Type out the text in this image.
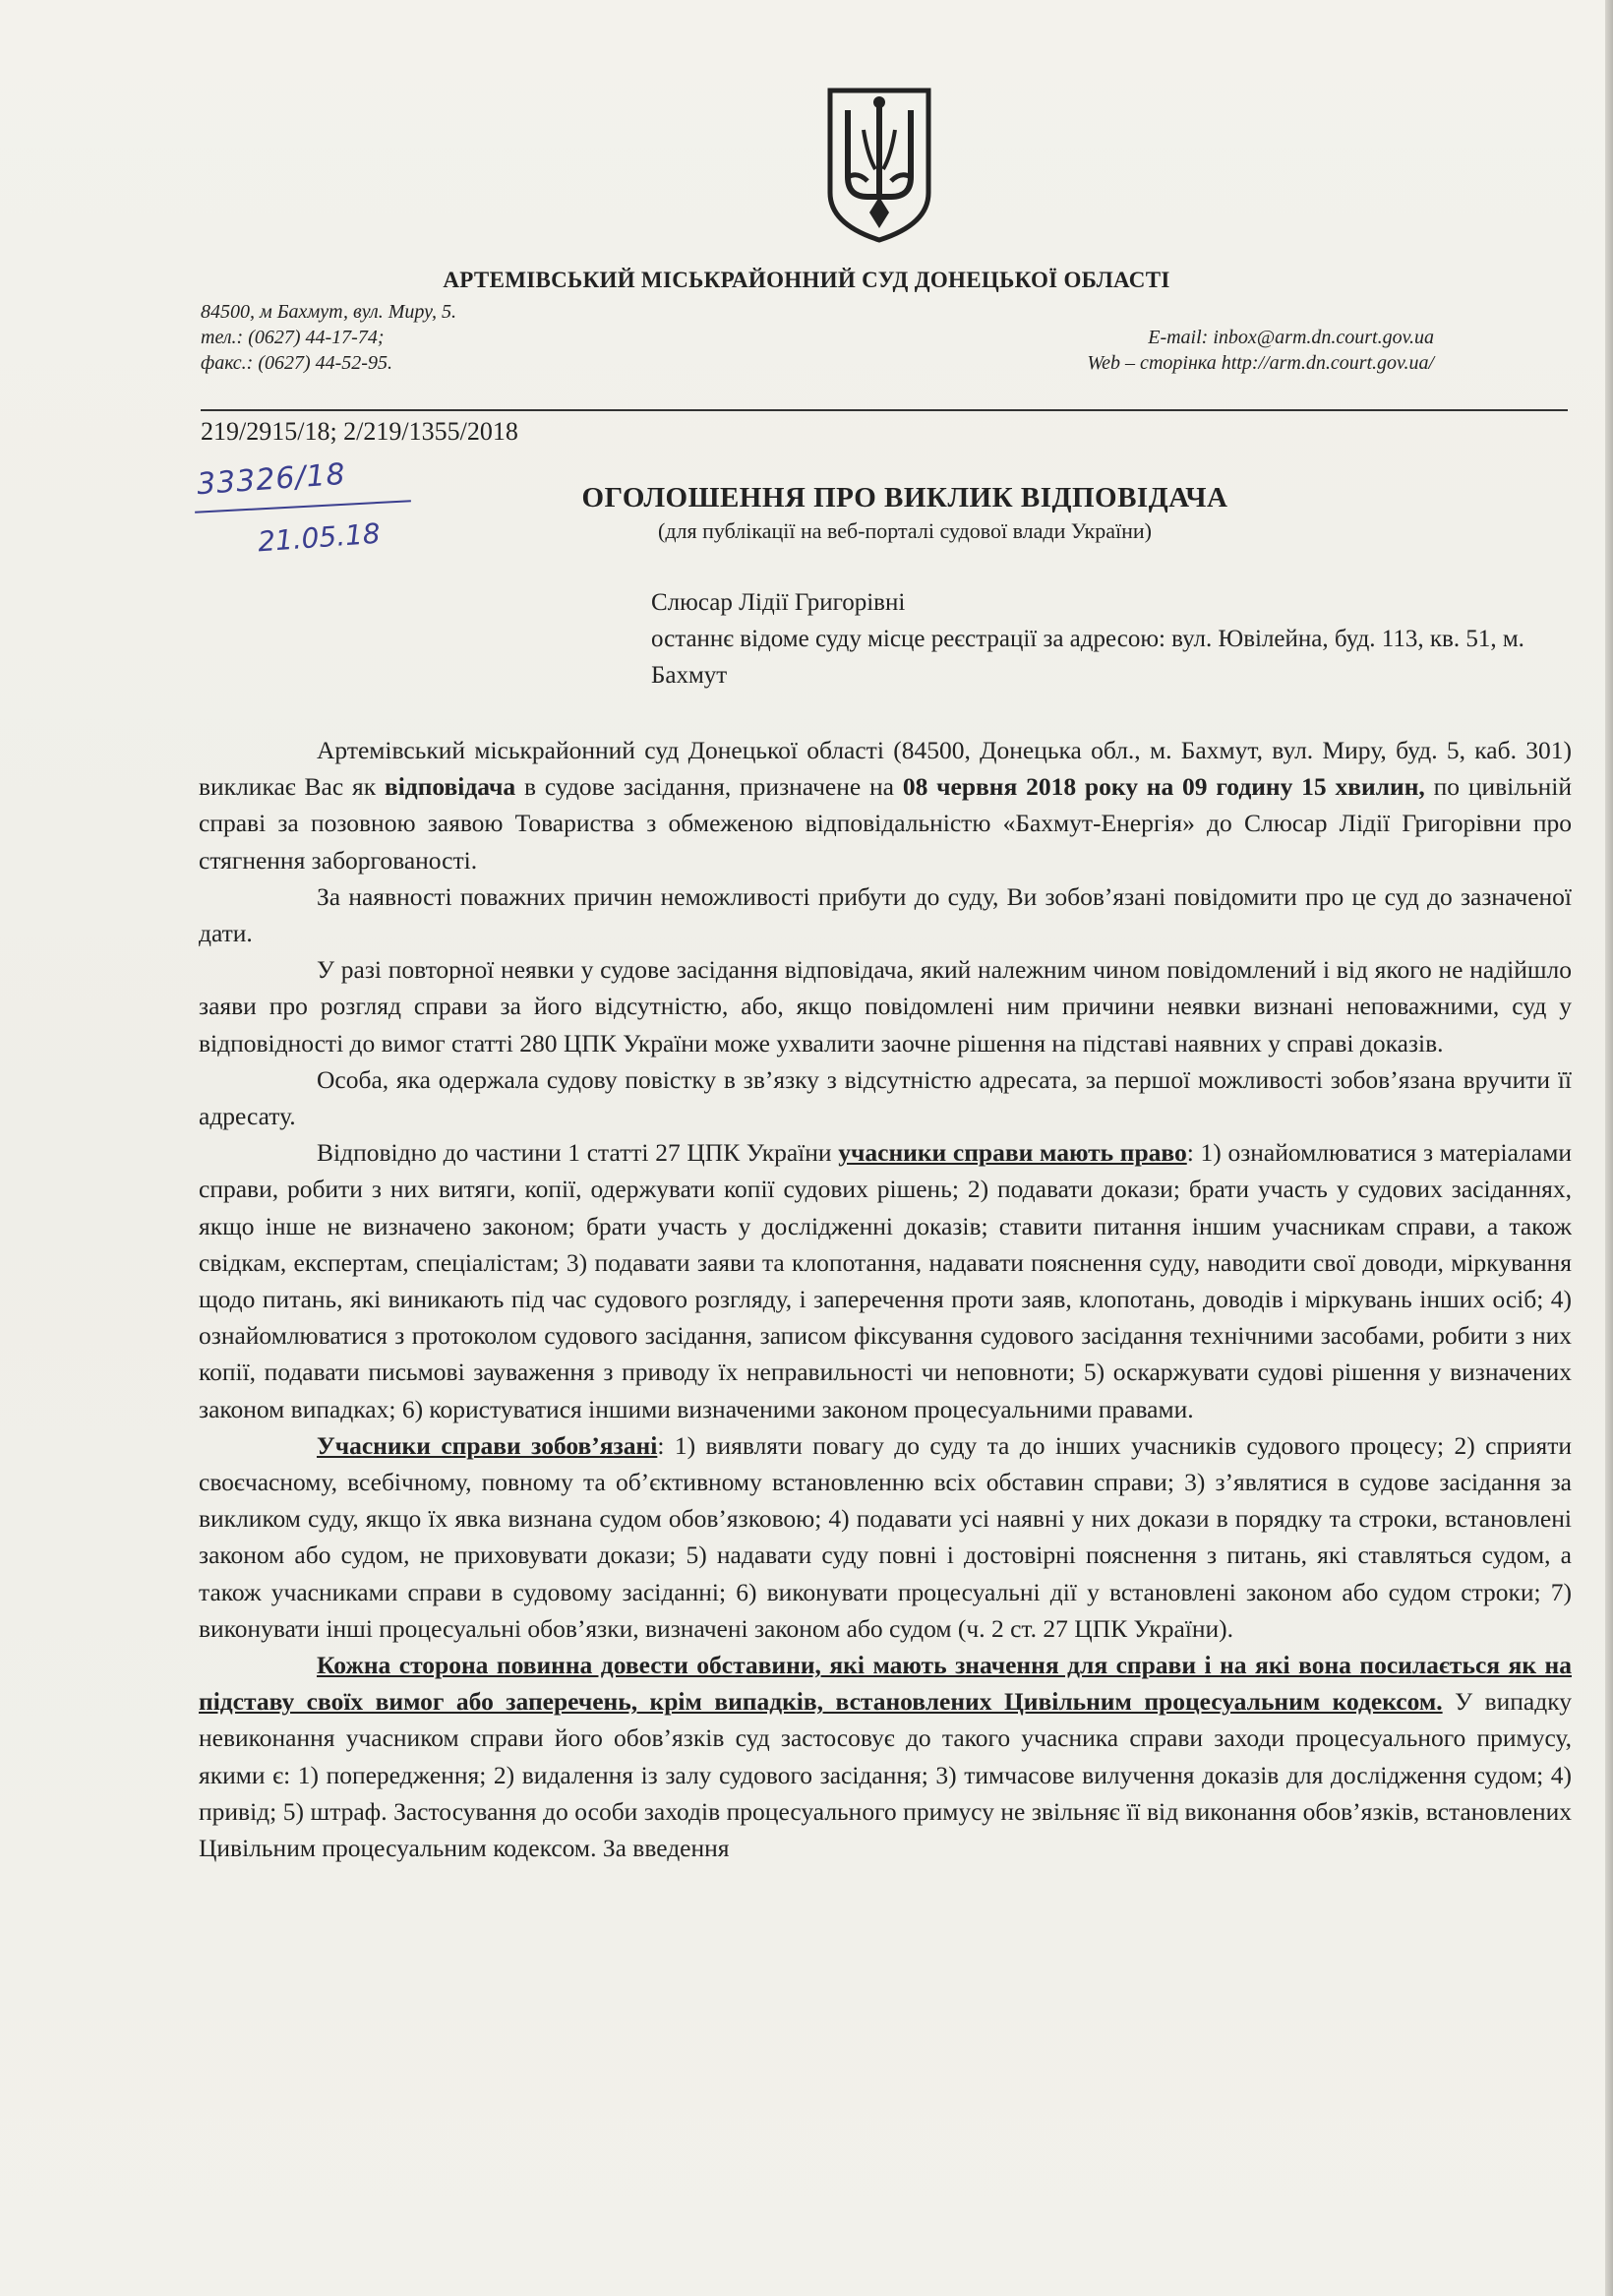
АРТЕМІВСЬКИЙ МІСЬКРАЙОННИЙ СУД ДОНЕЦЬКОЇ ОБЛАСТІ
84500, м Бахмут, вул. Миру, 5.
тел.: (0627) 44-17-74;
факс.: (0627) 44-52-95.
E-mail: inbox@arm.dn.court.gov.ua
Web – сторінка http://arm.dn.court.gov.ua/
219/2915/18; 2/219/1355/2018
33326/18
21.05.18
ОГОЛОШЕННЯ ПРО ВИКЛИК ВІДПОВІДАЧА
(для публікації на веб-порталі судової влади України)
Слюсар Лідії Григорівні
останнє відоме суду місце реєстрації за адресою: вул. Ювілейна, буд. 113, кв. 51, м. Бахмут

Артемівський міськрайонний суд Донецької області (84500, Донецька обл., м. Бахмут, вул. Миру, буд. 5, каб. 301) викликає Вас як відповідача в судове засідання, призначене на 08 червня 2018 року на 09 годину 15 хвилин, по цивільній справі за позовною заявою Товариства з обмеженою відповідальністю «Бахмут-Енергія» до Слюсар Лідії Григорівни про стягнення заборгованості.

За наявності поважних причин неможливості прибути до суду, Ви зобов’язані повідомити про це суд до зазначеної дати.

У разі повторної неявки у судове засідання відповідача, який належним чином повідомлений і від якого не надійшло заяви про розгляд справи за його відсутністю, або, якщо повідомлені ним причини неявки визнані неповажними, суд у відповідності до вимог статті 280 ЦПК України може ухвалити заочне рішення на підставі наявних у справі доказів.

Особа, яка одержала судову повістку в зв’язку з відсутністю адресата, за першої можливості зобов’язана вручити її адресату.

Відповідно до частини 1 статті 27 ЦПК України учасники справи мають право: 1) ознайомлюватися з матеріалами справи, робити з них витяги, копії, одержувати копії судових рішень; 2) подавати докази; брати участь у судових засіданнях, якщо інше не визначено законом; брати участь у дослідженні доказів; ставити питання іншим учасникам справи, а також свідкам, експертам, спеціалістам; 3) подавати заяви та клопотання, надавати пояснення суду, наводити свої доводи, міркування щодо питань, які виникають під час судового розгляду, і заперечення проти заяв, клопотань, доводів і міркувань інших осіб; 4) ознайомлюватися з протоколом судового засідання, записом фіксування судового засідання технічними засобами, робити з них копії, подавати письмові зауваження з приводу їх неправильності чи неповноти; 5) оскаржувати судові рішення у визначених законом випадках; 6) користуватися іншими визначеними законом процесуальними правами.

Учасники справи зобов’язані: 1) виявляти повагу до суду та до інших учасників судового процесу; 2) сприяти своєчасному, всебічному, повному та об’єктивному встановленню всіх обставин справи; 3) з’являтися в судове засідання за викликом суду, якщо їх явка визнана судом обов’язковою; 4) подавати усі наявні у них докази в порядку та строки, встановлені законом або судом, не приховувати докази; 5) надавати суду повні і достовірні пояснення з питань, які ставляться судом, а також учасниками справи в судовому засіданні; 6) виконувати процесуальні дії у встановлені законом або судом строки; 7) виконувати інші процесуальні обов’язки, визначені законом або судом (ч. 2 ст. 27 ЦПК України).

Кожна сторона повинна довести обставини, які мають значення для справи і на які вона посилається як на підставу своїх вимог або заперечень, крім випадків, встановлених Цивільним процесуальним кодексом. У випадку невиконання учасником справи його обов’язків суд застосовує до такого учасника справи заходи процесуального примусу, якими є: 1) попередження; 2) видалення із залу судового засідання; 3) тимчасове вилучення доказів для дослідження судом; 4) привід; 5) штраф. Застосування до особи заходів процесуального примусу не звільняє її від виконання обов’язків, встановлених Цивільним процесуальним кодексом. За введення
